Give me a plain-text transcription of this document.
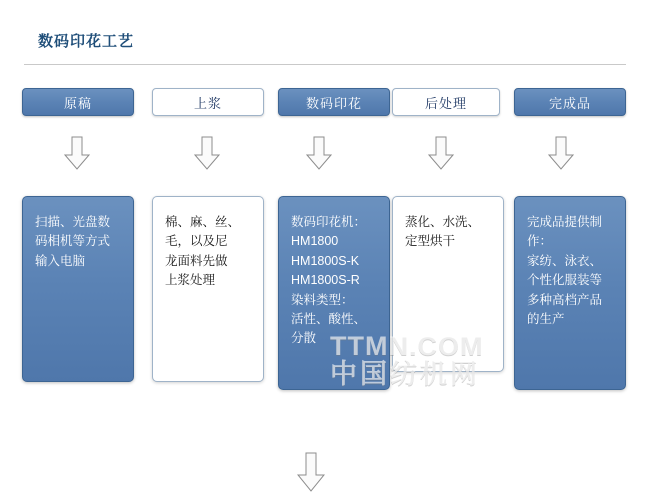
数码印花工艺
原稿	上浆	数码印花	后处理	完成品
扫描、光盘数
码相机等方式
输入电脑
棉、麻、丝、
毛，以及尼
龙面料先做
上浆处理
数码印花机：
HM1800
HM1800S-K
HM1800S-R
染料类型：
活性、酸性、
分散
蒸化、水洗、
定型烘干
完成品提供制
作：
家纺、泳衣、
个性化服装等
多种高档产品
的生产
TTMN.COM
中国纺机网
